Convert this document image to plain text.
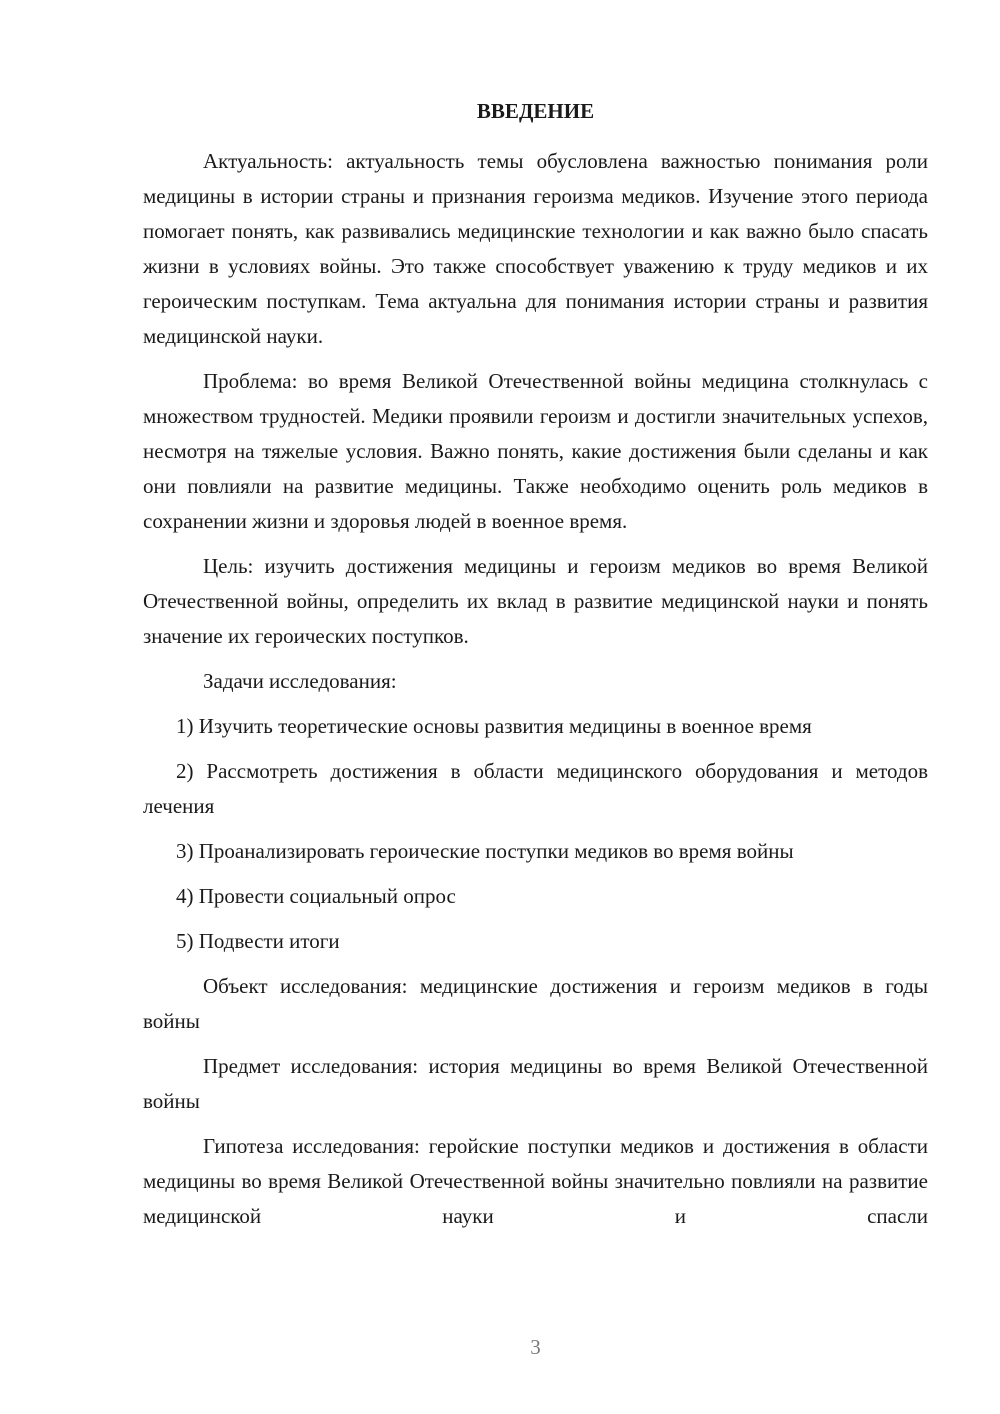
ВВЕДЕНИЕ

Актуальность: актуальность темы обусловлена важностью понимания роли медицины в истории страны и признания героизма медиков. Изучение этого периода помогает понять, как развивались медицинские технологии и как важно было спасать жизни в условиях войны. Это также способствует уважению к труду медиков и их героическим поступкам. Тема актуальна для понимания истории страны и развития медицинской науки.

Проблема: во время Великой Отечественной войны медицина столкнулась с множеством трудностей. Медики проявили героизм и достигли значительных успехов, несмотря на тяжелые условия. Важно понять, какие достижения были сделаны и как они повлияли на развитие медицины. Также необходимо оценить роль медиков в сохранении жизни и здоровья людей в военное время.

Цель: изучить достижения медицины и героизм медиков во время Великой Отечественной войны, определить их вклад в развитие медицинской науки и понять значение их героических поступков.

Задачи исследования:

1) Изучить теоретические основы развития медицины в военное время

2) Рассмотреть достижения в области медицинского оборудования и методов лечения

3) Проанализировать героические поступки медиков во время войны

4) Провести социальный опрос

5) Подвести итоги

Объект исследования: медицинские достижения и героизм медиков в годы войны

Предмет исследования: история медицины во время Великой Отечественной войны

Гипотеза исследования: геройские поступки медиков и достижения в области медицины во время Великой Отечественной войны значительно повлияли на развитие медицинской науки и спасли

3
